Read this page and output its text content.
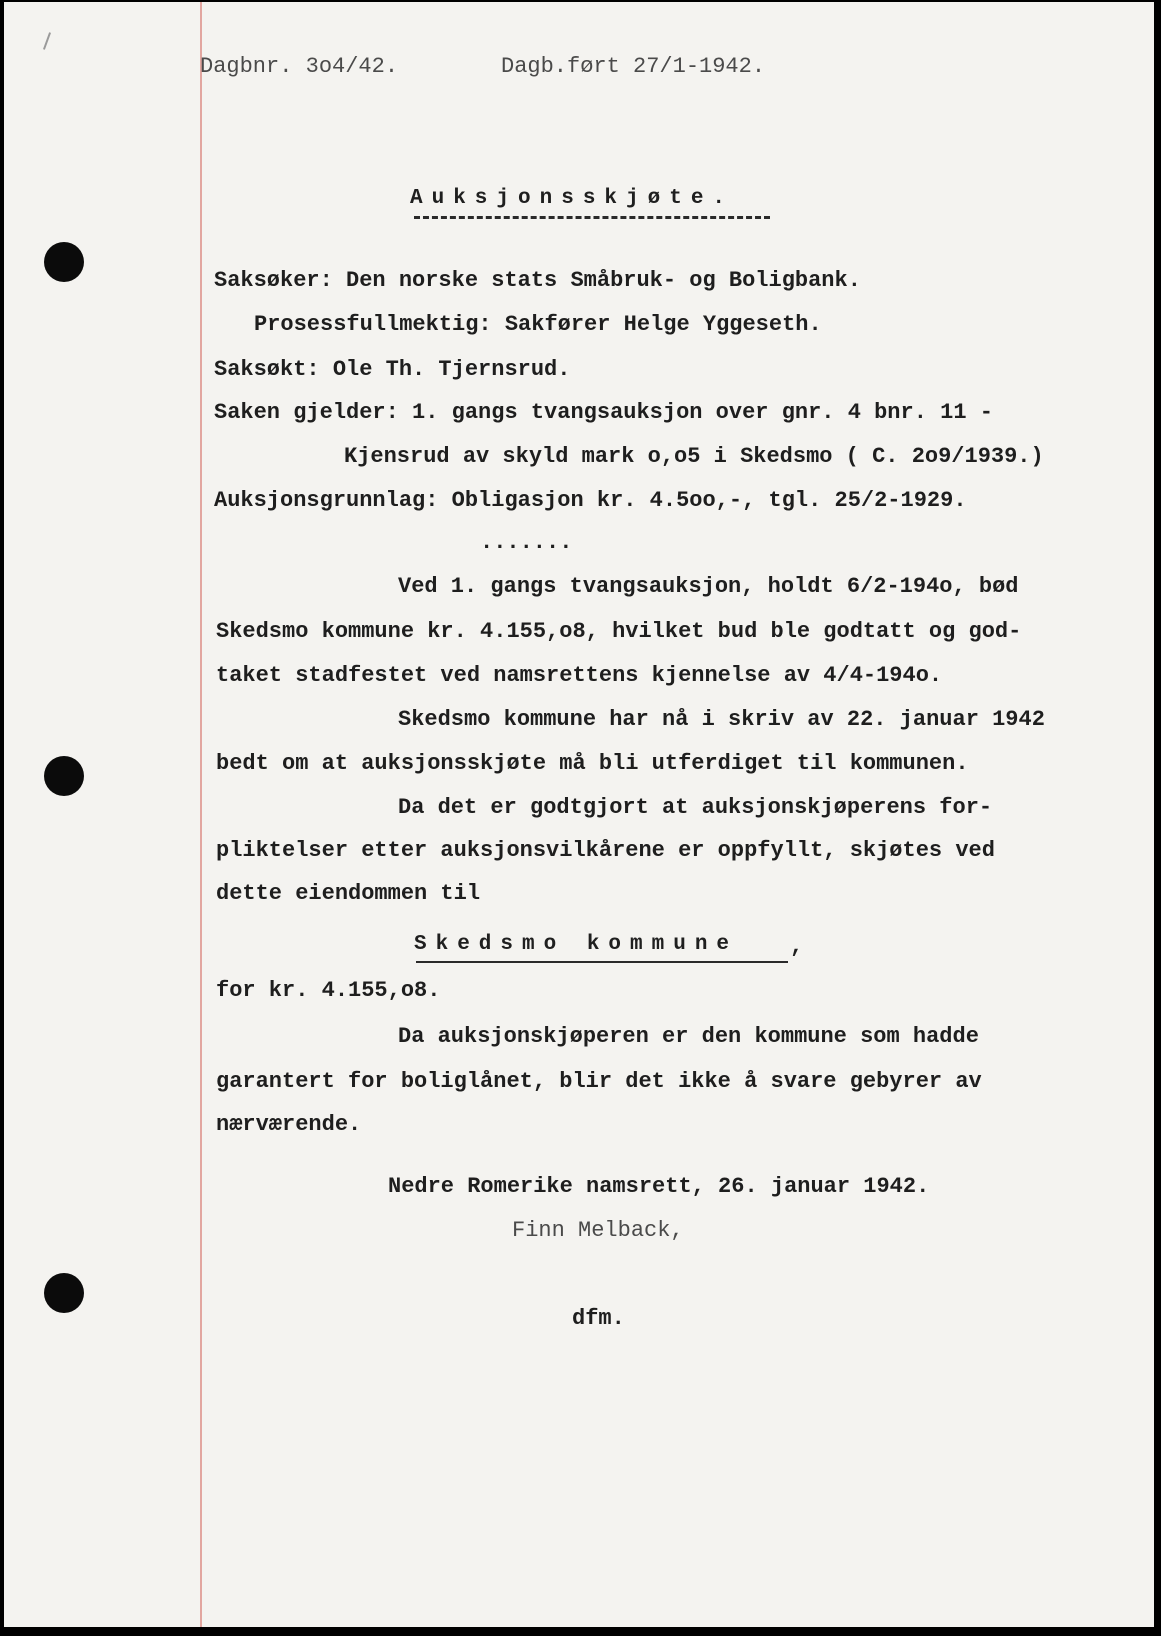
Dagbnr. 3o4/42.	Dagb.ført 27/1-1942.
Auksjonsskjøte.
Saksøker: Den norske stats Småbruk- og Boligbank.
Prosessfullmektig: Sakfører Helge Yggeseth.
Saksøkt: Ole Th. Tjernsrud.
Saken gjelder: 1. gangs tvangsauksjon over gnr. 4 bnr. 11 -
Kjensrud av skyld mark o,o5 i Skedsmo ( C. 2o9/1939.)
Auksjonsgrunnlag: Obligasjon kr. 4.5oo,-, tgl. 25/2-1929.
.......
Ved 1. gangs tvangsauksjon, holdt 6/2-194o, bød
Skedsmo kommune kr. 4.155,o8, hvilket bud ble godtatt og god-
taket stadfestet ved namsrettens kjennelse av 4/4-194o.
Skedsmo kommune har nå i skriv av 22. januar 1942
bedt om at auksjonsskjøte må bli utferdiget til kommunen.
Da det er godtgjort at auksjonskjøperens for-
pliktelser etter auksjonsvilkårene er oppfyllt, skjøtes ved
dette eiendommen til
Skedsmo kommune ,
for kr. 4.155,o8.
Da auksjonskjøperen er den kommune som hadde
garantert for boliglånet, blir det ikke å svare gebyrer av
nærværende.
Nedre Romerike namsrett, 26. januar 1942.
Finn Melback,
dfm.
